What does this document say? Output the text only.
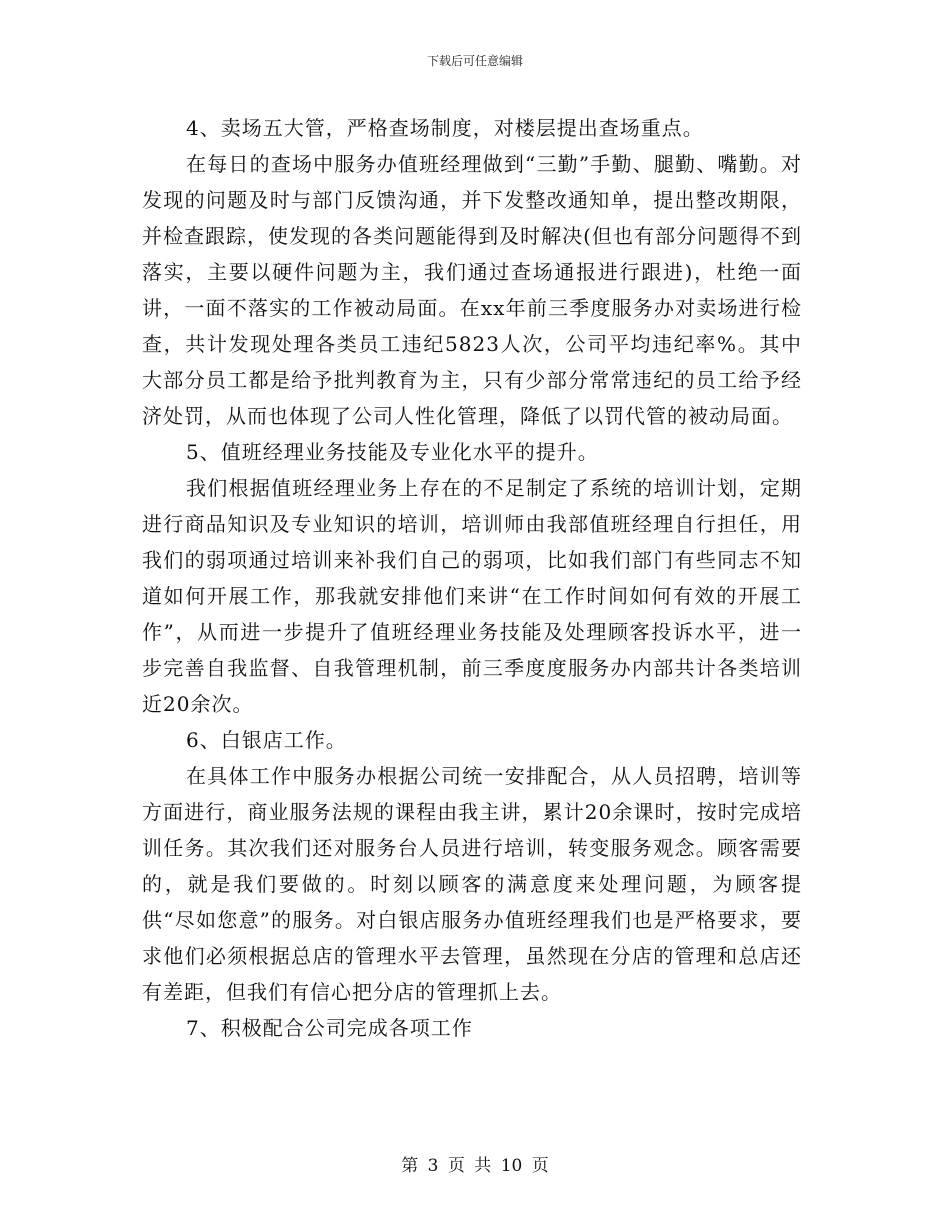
下载后可任意编辑

4、卖场五大管，严格查场制度，对楼层提出查场重点。

在每日的查场中服务办值班经理做到“三勤”手勤、腿勤、嘴勤。对发现的问题及时与部门反馈沟通，并下发整改通知单，提出整改期限，并检查跟踪，使发现的各类问题能得到及时解决(但也有部分问题得不到落实，主要以硬件问题为主，我们通过查场通报进行跟进)，杜绝一面讲，一面不落实的工作被动局面。在xx年前三季度服务办对卖场进行检查，共计发现处理各类员工违纪5823人次，公司平均违纪率%。其中大部分员工都是给予批判教育为主，只有少部分常常违纪的员工给予经济处罚，从而也体现了公司人性化管理，降低了以罚代管的被动局面。

5、值班经理业务技能及专业化水平的提升。

我们根据值班经理业务上存在的不足制定了系统的培训计划，定期进行商品知识及专业知识的培训，培训师由我部值班经理自行担任，用我们的弱项通过培训来补我们自己的弱项，比如我们部门有些同志不知道如何开展工作，那我就安排他们来讲“在工作时间如何有效的开展工作”，从而进一步提升了值班经理业务技能及处理顾客投诉水平，进一步完善自我监督、自我管理机制，前三季度度服务办内部共计各类培训近20余次。

6、白银店工作。

在具体工作中服务办根据公司统一安排配合，从人员招聘，培训等方面进行，商业服务法规的课程由我主讲，累计20余课时，按时完成培训任务。其次我们还对服务台人员进行培训，转变服务观念。顾客需要的，就是我们要做的。时刻以顾客的满意度来处理问题，为顾客提供“尽如您意”的服务。对白银店服务办值班经理我们也是严格要求，要求他们必须根据总店的管理水平去管理，虽然现在分店的管理和总店还有差距，但我们有信心把分店的管理抓上去。

7、积极配合公司完成各项工作

第 3 页 共 10 页
